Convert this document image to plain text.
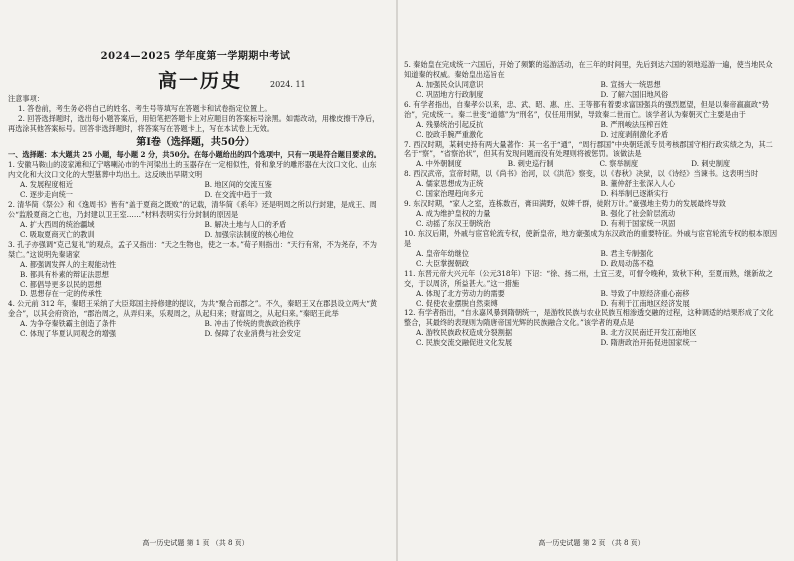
2024—2025 学年度第一学期期中考试
高一历史	2024. 11

注意事项：

1. 答卷前，考生务必将自己的姓名、考生号等填写在答题卡和试卷指定位置上。

2. 回答选择题时，选出每小题答案后，用铅笔把答题卡上对应题目的答案标号涂黑。如需改动，用橡皮擦干净后，再选涂其他答案标号。回答非选择题时，将答案写在答题卡上，写在本试卷上无效。

第Ⅰ卷（选择题，共50分）

一、选择题：本大题共 25 小题，每小题 2 分，共50分。在每小题给出的四个选项中，只有一项是符合题目要求的。

1. 安徽马鞍山的凌家滩和辽宁喀喇沁市的牛河梁出土的玉器存在一定相似性，骨和象牙的雕形器在大汶口文化、山东内文化和大汶口文化的大型墓葬中均出土。这反映出早期文明

A. 发展程度相近	B. 地区间的交流互鉴
C. 逐步走向统一	D. 在交流中趋于一致

2. 清华简《祭公》和《逸周书》皆有“盖于夏商之既败”的记载，清华简《系年》还是明周之所以行封建，是成王、周公“监殷夏商之亡也，乃封建以卫王室……”材料表明实行分封制的原因是

A. 扩大西周的统治疆域	B. 解决土地与人口的矛盾
C. 吸取夏商灭亡的教训	D. 加强宗法制度的核心地位

3. 孔子亦强调“克己复礼”的观点，孟子又指出：“天之生物也，使之一本。”荀子则指出：“天行有常，不为尧存，不为桀亡。”这说明先秦诸家

A. 都强调发挥人的主观能动性
B. 都具有朴素的辩证法思想
C. 都倡导更多以民的思想
D. 思想存在一定的传承性

4. 公元前 312 年，秦昭王采纳了大臣郑国主持修建的提议，为共“聚合而郡之”。不久，秦昭王又在郡县设立两大“黄金合”，以其会府资治，“郡治周之，从弄归来，乐观周之，从起归来；财富周之，从起归来。”秦昭王此举

A. 为争夺秦铁霸主创造了条件	B. 冲击了传统的贵族政治秩序
C. 体现了华夏认同观念的增强	D. 保障了农业消费与社会安定
高一历史试题 第 1 页 （共 8 页）

5. 秦始皇在完成统一六国后，开始了频繁的巡游活动，在三年的时间里，先后到达六国的领地巡游一遍，使当地民众知道秦的权威。秦始皇出巡旨在

A. 加强民众认同意识	B. 宣扬大一统思想
C. 巩固地方行政制度	D. 了解六国旧地风俗

6. 有学者指出，自秦孝公以来，忠、武、昭、惠、庄、王等都有着要求富国强兵的强烈愿望，但是以秦帝嬴嬴政“势治”，完成统一。秦二世变“道德”为“刑名”，仅任用刑狱，导致秦二世而亡。该学者认为秦朝灭亡主要是由于

A. 残暴统治引起反抗	B. 严刑峻法压榨百姓
C. 胶政手腕严重激化	D. 过度剥削激化矛盾

7. 西汉时期，某刺史持有两大量著作：其一名于“通”，“周行郡国”中央朝廷派专员考核郡国守相行政实绩之为，其二名于“察”，“省察治状”，但其有发现问题而没有处理则将被惩罚。该做法是

A. 中外朝制度	B. 刺史巡行制	C. 察举制度	D. 刺史制度

8. 西汉武帝，宣帝时期，以《尚书》治河，以《洪范》察变，以《春秋》决狱，以《诗经》当谏书。这表明当时

A. 儒家思想成为正统	B. 董仲舒主张深入人心
C. 国家治理趋向多元	D. 科举制已逐渐实行

9. 东汉时期，“家人之室，连栋数百，膏田满野，奴婢千群，徒附万计。”豪强地主势力的发展最终导致

A. 成为维护皇权的力量	B. 强化了社会阶层流动
C. 动摇了东汉王朝统治	D. 有利于国家统一巩固

10. 东汉后期，外戚与宦官轮流专权，使新皇帝，地方豪强成为东汉政治的重要特征。外戚与宦官轮流专权的根本原因是

A. 皇帝年幼继位	B. 君主专制强化
C. 大臣掌握朝政	D. 政局动荡不稳

11. 东晋元帝大兴元年（公元318年）下诏：“徐、扬二州，土宜三麦，可督令晚种，致秋下种，至夏而熟，继新故之交，于以周济，所益甚大。”这一措施

A. 体现了北方劳动力的需要	B. 导致了中原经济重心南移
C. 促使农业摆脱自然束缚	D. 有利于江南地区经济发展

12. 有学者指出，“自永嘉风暴到隋朝统一，是游牧民族与农业民族互相渗透交融的过程，这种调适的结果形成了文化整合，其最终的表现则为隋唐帝国光辉的民族融合文化。”该学者的观点是

A. 游牧民族政权造成分裂割据	B. 北方汉民南迁开发江南地区
C. 民族交流交融促进文化发展	D. 隋唐政治开拓促进国家统一
高一历史试题 第 2 页 （共 8 页）
